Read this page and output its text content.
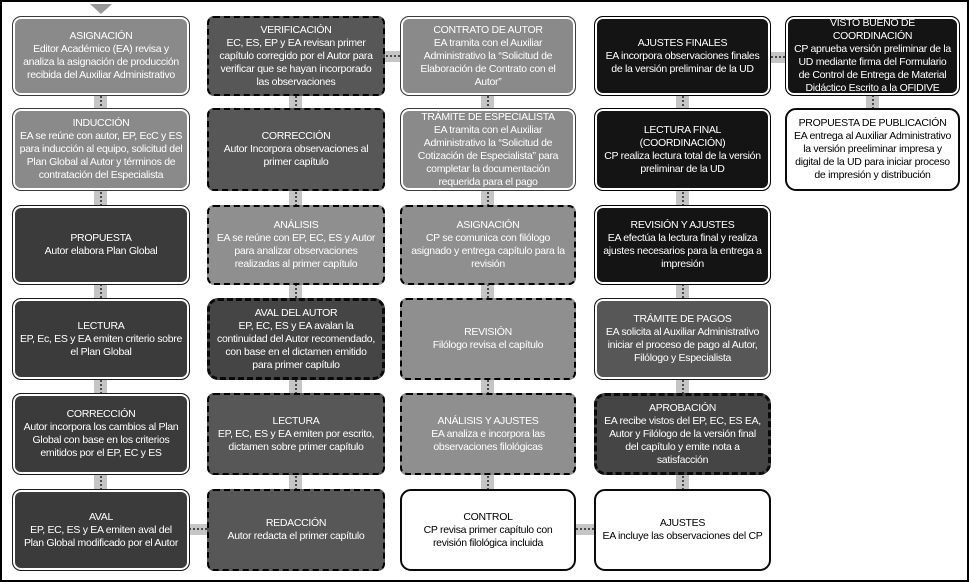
ASIGNACIÓN
Editor Académico (EA) revisa y analiza la asignación de producción recibida del Auxiliar Administrativo
INDUCCIÓN
EA se reúne con autor, EP, EcC y ES para inducción al equipo, solicitud del Plan Global al Autor y términos de contratación del Especialista
PROPUESTA
Autor elabora Plan Global
LECTURA
EP, Ec, ES y EA emiten criterio sobre el Plan Global
CORRECCIÓN
Autor incorpora los cambios al Plan Global con base en los criterios emitidos por el EP, EC y ES
AVAL
EP, EC, ES y EA emiten aval del Plan Global modificado por el Autor
VERIFICACIÓN
EC, ES, EP y EA revisan primer capítulo corregido por el Autor para verificar que se hayan incorporado las observaciones
CORRECCIÓN
Autor Incorpora observaciones al primer capítulo
ANÁLISIS
EA se reúne con EP, EC, ES y Autor para analizar observaciones realizadas al primer capítulo
AVAL DEL AUTOR
EP, EC, ES y EA avalan la continuidad del Autor recomendado, con base en el dictamen emitido para primer capítulo
LECTURA
EP, EC, ES y EA emiten por escrito, dictamen sobre primer capítulo
REDACCIÓN
Autor redacta el primer capítulo
CONTRATO DE AUTOR
EA tramita con el Auxiliar Administrativo la “Solicitud de Elaboración de Contrato con el Autor”
TRÁMITE DE ESPECIALISTA
EA tramita con el Auxiliar Administrativo la “Solicitud de Cotización de Especialista” para completar la documentación requerida para el pago
ASIGNACIÓN
CP se comunica con filólogo asignado y entrega capítulo para la revisión
REVISIÓN
Filólogo revisa el capítulo
ANÁLISIS Y AJUSTES
EA analiza e incorpora las observaciones filológicas
CONTROL
CP revisa primer capítulo con revisión filológica incluida
AJUSTES FINALES
EA incorpora observaciones finales de la versión preliminar de la UD
LECTURA FINAL (COORDINACIÓN)
CP realiza lectura total de la versión preliminar de la UD
REVISIÓN Y AJUSTES
EA efectúa la lectura final y realiza ajustes necesarios para la entrega a impresión
TRÁMITE DE PAGOS
EA solicita al Auxiliar Administrativo iniciar el proceso de pago al Autor, Filólogo y Especialista
APROBACIÓN
EA recibe vistos del EP, EC, ES EA, Autor y Filólogo de la versión final del capítulo y emite nota a satisfacción
AJUSTES
EA incluye las observaciones del CP
VISTO BUENO DE COORDINACIÓN
CP aprueba versión preliminar de la UD mediante firma del Formulario de Control de Entrega de Material Didáctico Escrito a la OFIDIVE
PROPUESTA DE PUBLICACIÓN
EA entrega al Auxiliar Administrativo la versión preeliminar impresa y digital de la UD para iniciar proceso de impresión y distribución
